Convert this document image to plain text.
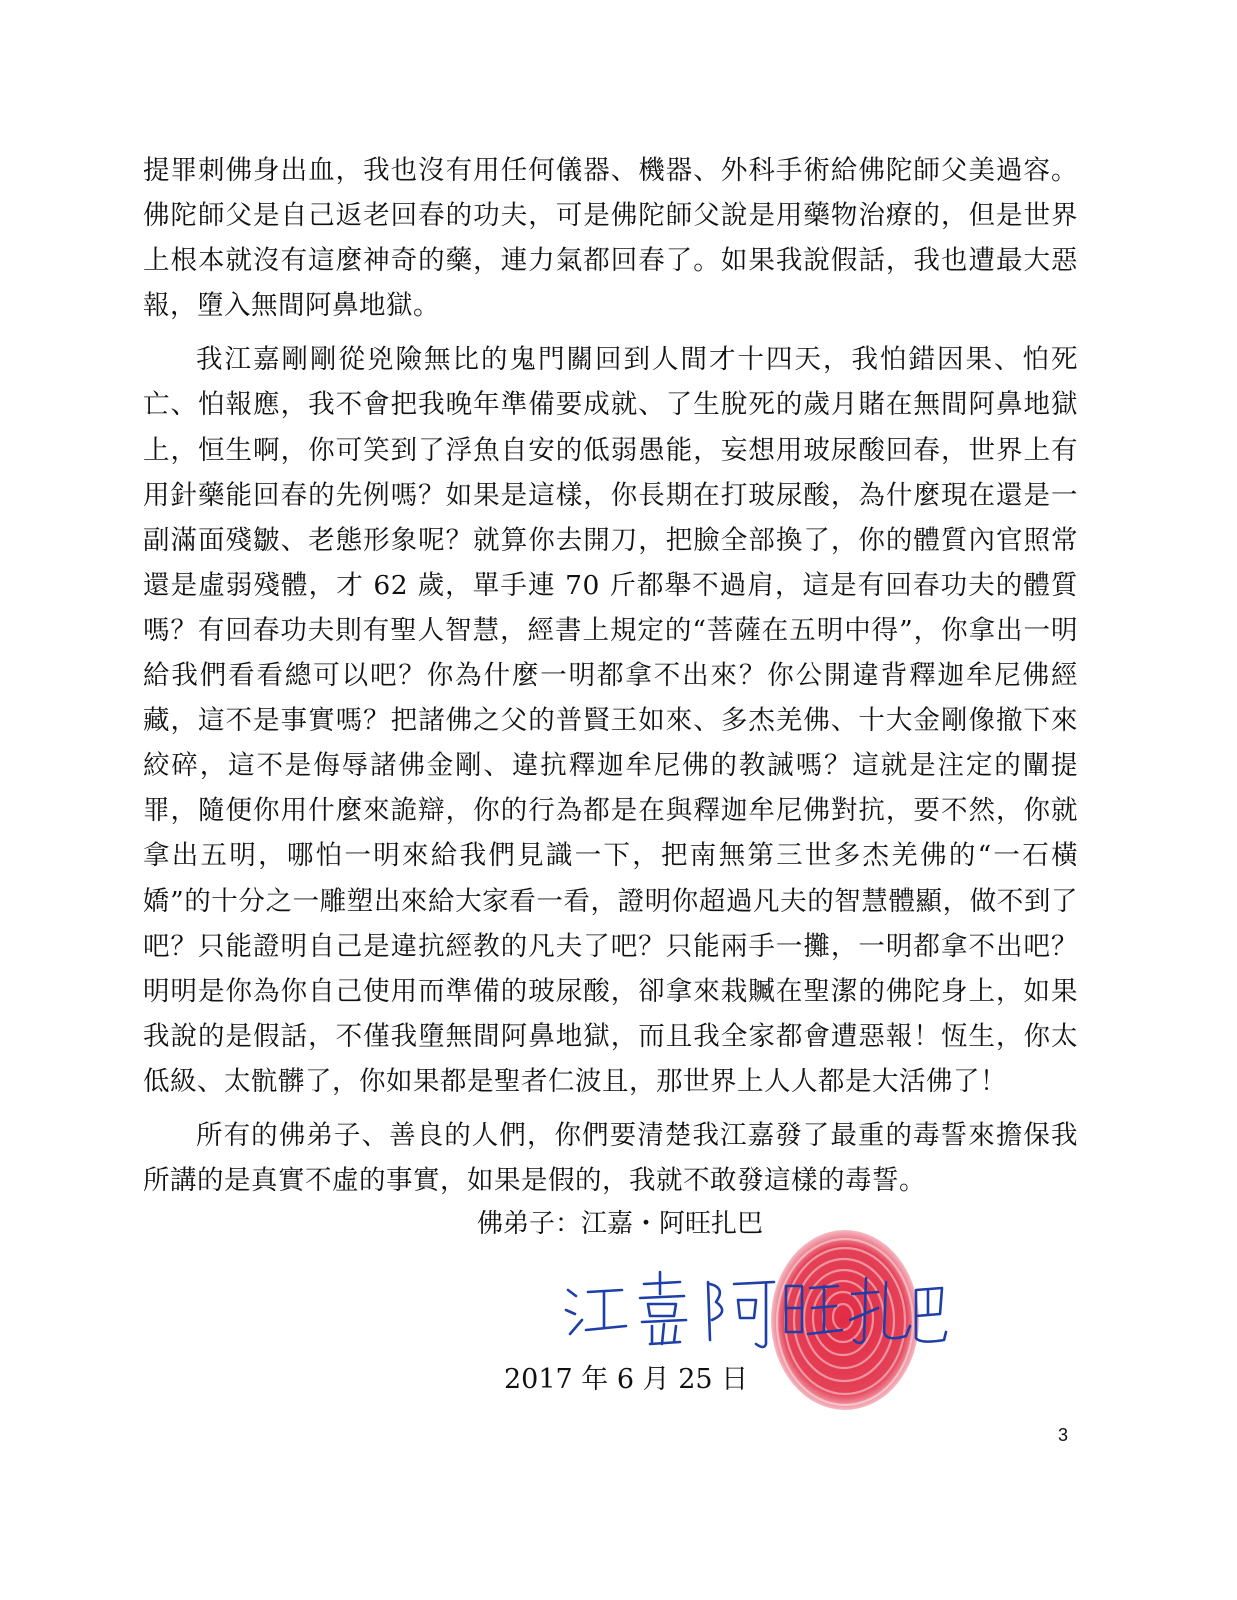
提罪刺佛身出血，我也沒有用任何儀器、機器、外科手術給佛陀師父美過容。佛陀師父是自己返老回春的功夫，可是佛陀師父說是用藥物治療的，但是世界上根本就沒有這麼神奇的藥，連力氣都回春了。如果我說假話，我也遭最大惡報，墮入無間阿鼻地獄。

我江嘉剛剛從兇險無比的鬼門關回到人間才十四天，我怕錯因果、怕死亡、怕報應，我不會把我晚年準備要成就、了生脫死的歲月賭在無間阿鼻地獄上，恒生啊，你可笑到了浮魚自安的低弱愚能，妄想用玻尿酸回春，世界上有用針藥能回春的先例嗎？如果是這樣，你長期在打玻尿酸，為什麼現在還是一副滿面殘皺、老態形象呢？就算你去開刀，把臉全部換了，你的體質內官照常還是虛弱殘體，才 62 歲，單手連 70 斤都舉不過肩，這是有回春功夫的體質嗎？有回春功夫則有聖人智慧，經書上規定的“菩薩在五明中得”，你拿出一明給我們看看總可以吧？你為什麼一明都拿不出來？你公開違背釋迦牟尼佛經藏，這不是事實嗎？把諸佛之父的普賢王如來、多杰羌佛、十大金剛像撤下來絞碎，這不是侮辱諸佛金剛、違抗釋迦牟尼佛的教誡嗎？這就是注定的闡提罪，隨便你用什麼來詭辯，你的行為都是在與釋迦牟尼佛對抗，要不然，你就拿出五明，哪怕一明來給我們見識一下，把南無第三世多杰羌佛的“一石橫嬌”的十分之一雕塑出來給大家看一看，證明你超過凡夫的智慧體顯，做不到了吧？只能證明自己是違抗經教的凡夫了吧？只能兩手一攤，一明都拿不出吧？明明是你為你自己使用而準備的玻尿酸，卻拿來栽贓在聖潔的佛陀身上，如果我說的是假話，不僅我墮無間阿鼻地獄，而且我全家都會遭惡報！恆生，你太低級、太骯髒了，你如果都是聖者仁波且，那世界上人人都是大活佛了！

所有的佛弟子、善良的人們，你們要清楚我江嘉發了最重的毒誓來擔保我所講的是真實不虛的事實，如果是假的，我就不敢發這樣的毒誓。

佛弟子：江嘉・阿旺扎巴
2017 年 6 月 25 日
3
